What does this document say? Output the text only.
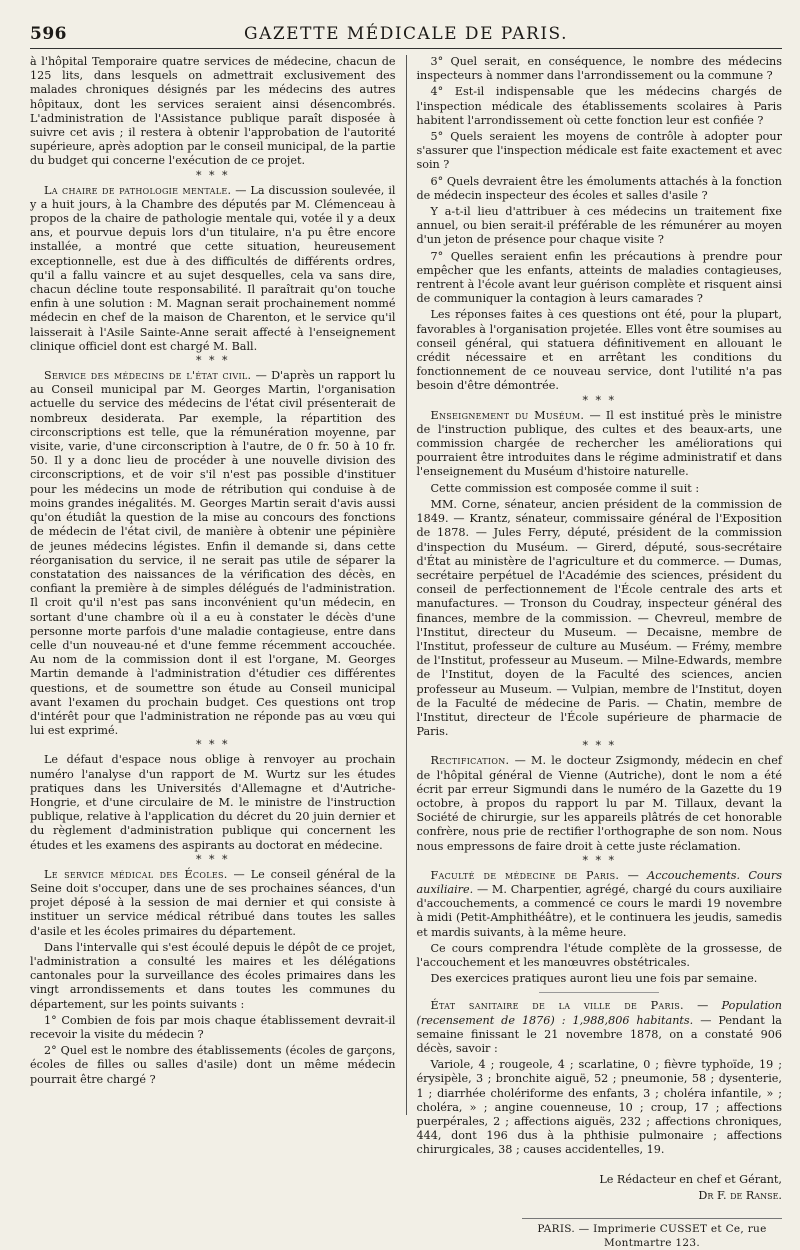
596	GAZETTE MÉDICALE DE PARIS.

à l'hôpital Temporaire quatre services de médecine, chacun de 125 lits, dans lesquels on admettrait exclusivement des malades chroniques désignés par les médecins des autres hôpitaux, dont les services seraient ainsi désencombrés. L'administration de l'Assistance publique paraît disposée à suivre cet avis ; il restera à obtenir l'approbation de l'autorité supérieure, après adoption par le conseil municipal, de la partie du budget qui concerne l'exécution de ce projet.

* * *

La chaire de pathologie mentale. — La discussion soulevée, il y a huit jours, à la Chambre des députés par M. Clémenceau à propos de la chaire de pathologie mentale qui, votée il y a deux ans, et pourvue depuis lors d'un titulaire, n'a pu être encore installée, a montré que cette situation, heureusement exceptionnelle, est due à des difficultés de différents ordres, qu'il a fallu vaincre et au sujet desquelles, cela va sans dire, chacun décline toute responsabilité. Il paraîtrait qu'on touche enfin à une solution : M. Magnan serait prochainement nommé médecin en chef de la maison de Charenton, et le service qu'il laisserait à l'Asile Sainte-Anne serait affecté à l'enseignement clinique officiel dont est chargé M. Ball.

* * *

Service des médecins de l'état civil. — D'après un rapport lu au Conseil municipal par M. Georges Martin, l'organisation actuelle du service des médecins de l'état civil présenterait de nombreux desiderata. Par exemple, la répartition des circonscriptions est telle, que la rémunération moyenne, par visite, varie, d'une circonscription à l'autre, de 0 fr. 50 à 10 fr. 50. Il y a donc lieu de procéder à une nouvelle division des circonscriptions, et de voir s'il n'est pas possible d'instituer pour les médecins un mode de rétribution qui conduise à de moins grandes inégalités. M. Georges Martin serait d'avis aussi qu'on étudiât la question de la mise au concours des fonctions de médecin de l'état civil, de manière à obtenir une pépinière de jeunes médecins légistes. Enfin il demande si, dans cette réorganisation du service, il ne serait pas utile de séparer la constatation des naissances de la vérification des décès, en confiant la première à de simples délégués de l'administration. Il croit qu'il n'est pas sans inconvénient qu'un médecin, en sortant d'une chambre où il a eu à constater le décès d'une personne morte parfois d'une maladie contagieuse, entre dans celle d'un nouveau-né et d'une femme récemment accouchée. Au nom de la commission dont il est l'organe, M. Georges Martin demande à l'administration d'étudier ces différentes questions, et de soumettre son étude au Conseil municipal avant l'examen du prochain budget. Ces questions ont trop d'intérêt pour que l'administration ne réponde pas au vœu qui lui est exprimé.

* * *

Le défaut d'espace nous oblige à renvoyer au prochain numéro l'analyse d'un rapport de M. Wurtz sur les études pratiques dans les Universités d'Allemagne et d'Autriche-Hongrie, et d'une circulaire de M. le ministre de l'instruction publique, relative à l'application du décret du 20 juin dernier et du règlement d'administration publique qui concernent les études et les examens des aspirants au doctorat en médecine.

* * *

Le service médical des Écoles. — Le conseil général de la Seine doit s'occuper, dans une de ses prochaines séances, d'un projet déposé à la session de mai dernier et qui consiste à instituer un service médical rétribué dans toutes les salles d'asile et les écoles primaires du département.

Dans l'intervalle qui s'est écoulé depuis le dépôt de ce projet, l'administration a consulté les maires et les délégations cantonales pour la surveillance des écoles primaires dans les vingt arrondissements et dans toutes les communes du département, sur les points suivants :

1° Combien de fois par mois chaque établissement devrait-il recevoir la visite du médecin ?

2° Quel est le nombre des établissements (écoles de garçons, écoles de filles ou salles d'asile) dont un même médecin pourrait être chargé ?

3° Quel serait, en conséquence, le nombre des médecins inspecteurs à nommer dans l'arrondissement ou la commune ?

4° Est-il indispensable que les médecins chargés de l'inspection médicale des établissements scolaires à Paris habitent l'arrondissement où cette fonction leur est confiée ?

5° Quels seraient les moyens de contrôle à adopter pour s'assurer que l'inspection médicale est faite exactement et avec soin ?

6° Quels devraient être les émoluments attachés à la fonction de médecin inspecteur des écoles et salles d'asile ?

Y a-t-il lieu d'attribuer à ces médecins un traitement fixe annuel, ou bien serait-il préférable de les rémunérer au moyen d'un jeton de présence pour chaque visite ?

7° Quelles seraient enfin les précautions à prendre pour empêcher que les enfants, atteints de maladies contagieuses, rentrent à l'école avant leur guérison complète et risquent ainsi de communiquer la contagion à leurs camarades ?

Les réponses faites à ces questions ont été, pour la plupart, favorables à l'organisation projetée. Elles vont être soumises au conseil général, qui statuera définitivement en allouant le crédit nécessaire et en arrêtant les conditions du fonctionnement de ce nouveau service, dont l'utilité n'a pas besoin d'être démontrée.

* * *

Enseignement du Muséum. — Il est institué près le ministre de l'instruction publique, des cultes et des beaux-arts, une commission chargée de rechercher les améliorations qui pourraient être introduites dans le régime administratif et dans l'enseignement du Muséum d'histoire naturelle.

Cette commission est composée comme il suit :

MM. Corne, sénateur, ancien président de la commission de 1849. — Krantz, sénateur, commissaire général de l'Exposition de 1878. — Jules Ferry, député, président de la commission d'inspection du Muséum. — Girerd, député, sous-secrétaire d'État au ministère de l'agriculture et du commerce. — Dumas, secrétaire perpétuel de l'Académie des sciences, président du conseil de perfectionnement de l'École centrale des arts et manufactures. — Tronson du Coudray, inspecteur général des finances, membre de la commission. — Chevreul, membre de l'Institut, directeur du Museum. — Decaisne, membre de l'Institut, professeur de culture au Muséum. — Frémy, membre de l'Institut, professeur au Museum. — Milne-Edwards, membre de l'Institut, doyen de la Faculté des sciences, ancien professeur au Museum. — Vulpian, membre de l'Institut, doyen de la Faculté de médecine de Paris. — Chatin, membre de l'Institut, directeur de l'École supérieure de pharmacie de Paris.

* * *

Rectification. — M. le docteur Zsigmondy, médecin en chef de l'hôpital général de Vienne (Autriche), dont le nom a été écrit par erreur Sigmundi dans le numéro de la Gazette du 19 octobre, à propos du rapport lu par M. Tillaux, devant la Société de chirurgie, sur les appareils plâtrés de cet honorable confrère, nous prie de rectifier l'orthographe de son nom. Nous nous empressons de faire droit à cette juste réclamation.

* * *

Faculté de médecine de Paris. — Accouchements. Cours auxiliaire. — M. Charpentier, agrégé, chargé du cours auxiliaire d'accouchements, a commencé ce cours le mardi 19 novembre à midi (Petit-Amphithéâtre), et le continuera les jeudis, samedis et mardis suivants, à la même heure.

Ce cours comprendra l'étude complète de la grossesse, de l'accouchement et les manœuvres obstétricales.

Des exercices pratiques auront lieu une fois par semaine.

État sanitaire de la ville de Paris. — Population (recensement de 1876) : 1,988,806 habitants. — Pendant la semaine finissant le 21 novembre 1878, on a constaté 906 décès, savoir :

Variole, 4 ; rougeole, 4 ; scarlatine, 0 ; fièvre typhoïde, 19 ; érysipèle, 3 ; bronchite aiguë, 52 ; pneumonie, 58 ; dysenterie, 1 ; diarrhée cholériforme des enfants, 3 ; choléra infantile, » ; choléra, » ; angine couenneuse, 10 ; croup, 17 ; affections puerpérales, 2 ; affections aiguës, 232 ; affections chroniques, 444, dont 196 dus à la phthisie pulmonaire ; affections chirurgicales, 38 ; causes accidentelles, 19.

Le Rédacteur en chef et Gérant,
Dr F. de Ranse.
PARIS. — Imprimerie CUSSET et Ce, rue Montmartre 123.
